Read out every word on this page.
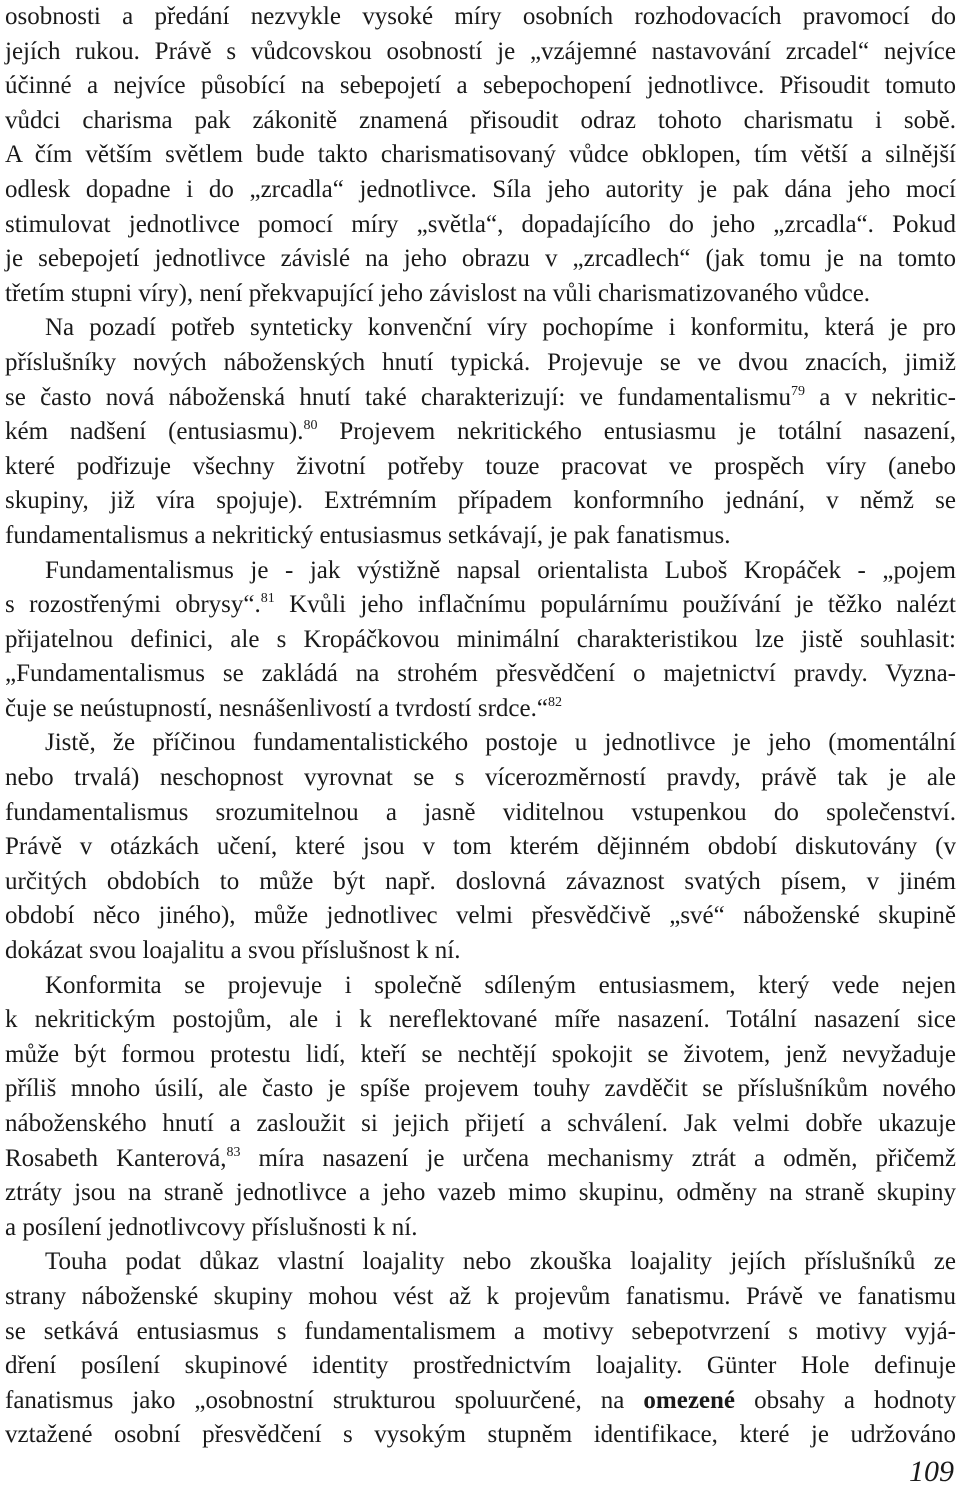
osobnosti a předání nezvykle vysoké míry osobních rozhodovacích pravomocí do
jejích rukou. Právě s vůdcovskou osobností je „vzájemné nastavování zrcadel“ nejvíce
účinné a nejvíce působící na sebepojetí a sebepochopení jednotlivce. Přisoudit tomuto
vůdci charisma pak zákonitě znamená přisoudit odraz tohoto charismatu i sobě.
A čím větším světlem bude takto charismatisovaný vůdce obklopen, tím větší a silnější
odlesk dopadne i do „zrcadla“ jednotlivce. Síla jeho autority je pak dána jeho mocí
stimulovat jednotlivce pomocí míry „světla“, dopadajícího do jeho „zrcadla“. Pokud
je sebepojetí jednotlivce závislé na jeho obrazu v „zrcadlech“ (jak tomu je na tomto
třetím stupni víry), není překvapující jeho závislost na vůli charismatizovaného vůdce.

Na pozadí potřeb synteticky konvenční víry pochopíme i konformitu, která je pro
příslušníky nových náboženských hnutí typická. Projevuje se ve dvou znacích, jimiž
se často nová náboženská hnutí také charakterizují: ve fundamentalismu$^{79}$ a v nekritic-
kém nadšení (entusiasmu).$^{80}$ Projevem nekritického entusiasmu je totální nasazení,
které podřizuje všechny životní potřeby touze pracovat ve prospěch víry (anebo
skupiny, již víra spojuje). Extrémním případem konformního jednání, v němž se
fundamentalismus a nekritický entusiasmus setkávají, je pak fanatismus.

Fundamentalismus je - jak výstižně napsal orientalista Luboš Kropáček - „pojem
s rozostřenými obrysy“.$^{81}$ Kvůli jeho inflačnímu populárnímu používání je těžko nalézt
přijatelnou definici, ale s Kropáčkovou minimální charakteristikou lze jistě souhlasit:
„Fundamentalismus se zakládá na strohém přesvědčení o majetnictví pravdy. Vyzna-
čuje se neústupností, nesnášenlivostí a tvrdostí srdce.“$^{82}$

Jistě, že příčinou fundamentalistického postoje u jednotlivce je jeho (momentální
nebo trvalá) neschopnost vyrovnat se s vícerozměrností pravdy, právě tak je ale
fundamentalismus srozumitelnou a jasně viditelnou vstupenkou do společenství.
Právě v otázkách učení, které jsou v tom kterém dějinném období diskutovány (v
určitých obdobích to může být např. doslovná závaznost svatých písem, v jiném
období něco jiného), může jednotlivec velmi přesvědčivě „své“ náboženské skupině
dokázat svou loajalitu a svou příslušnost k ní.

Konformita se projevuje i společně sdíleným entusiasmem, který vede nejen
k nekritickým postojům, ale i k nereflektované míře nasazení. Totální nasazení sice
může být formou protestu lidí, kteří se nechtějí spokojit se životem, jenž nevyžaduje
příliš mnoho úsilí, ale často je spíše projevem touhy zavděčit se příslušníkům nového
náboženského hnutí a zasloužit si jejich přijetí a schválení. Jak velmi dobře ukazuje
Rosabeth Kanterová,$^{83}$ míra nasazení je určena mechanismy ztrát a odměn, přičemž
ztráty jsou na straně jednotlivce a jeho vazeb mimo skupinu, odměny na straně skupiny
a posílení jednotlivcovy příslušnosti k ní.

Touha podat důkaz vlastní loajality nebo zkouška loajality jejích příslušníků ze
strany náboženské skupiny mohou vést až k projevům fanatismu. Právě ve fanatismu
se setkává entusiasmus s fundamentalismem a motivy sebepotvrzení s motivy vyjá-
dření posílení skupinové identity prostřednictvím loajality. Günter Hole definuje
fanatismus jako „osobnostní strukturou spoluurčené, na omezené obsahy a hodnoty
vztažené osobní přesvědčení s vysokým stupněm identifikace, které je udržováno

109
